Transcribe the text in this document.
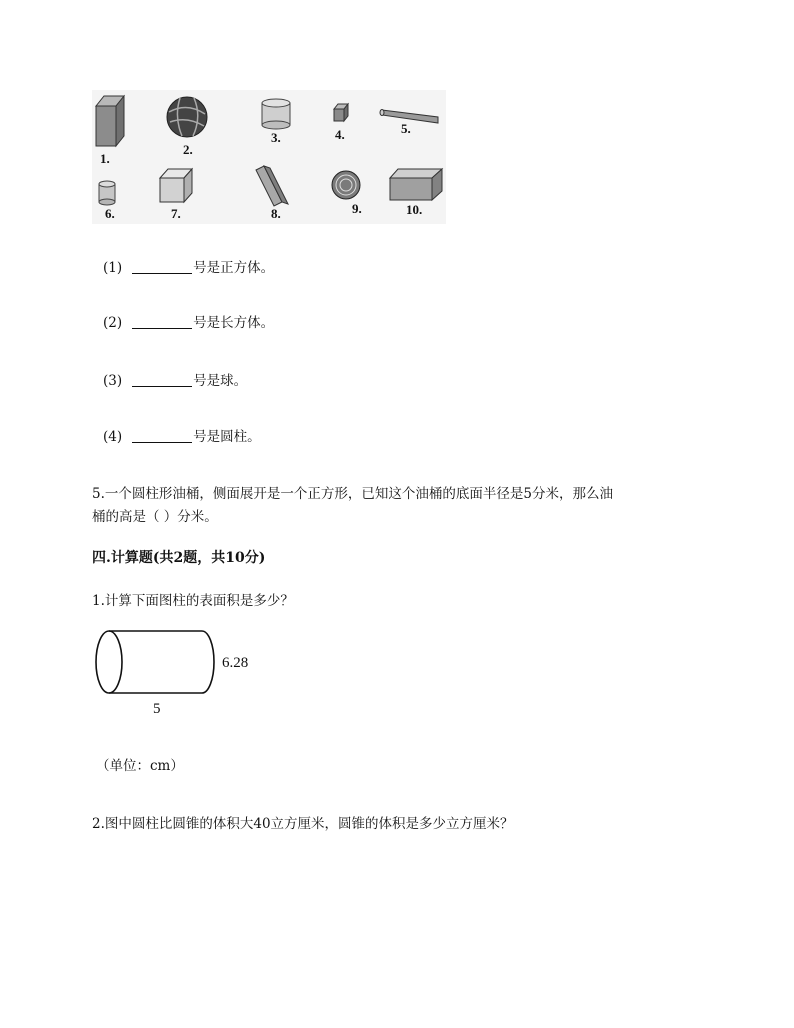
1.
2.
3.	4.	5.
6.	7.	8.	9.	10.
(1)	号是正方体。
(2)	号是长方体。
(3)	号是球。
(4)	号是圆柱。
5.一个圆柱形油桶，侧面展开是一个正方形，已知这个油桶的底面半径是5分米，那么油
桶的高是（ ）分米。
四.计算题(共2题，共10分)
1.计算下面图柱的表面积是多少？
6.28
5
（单位：cm）
2.图中圆柱比圆锥的体积大40立方厘米，圆锥的体积是多少立方厘米？
